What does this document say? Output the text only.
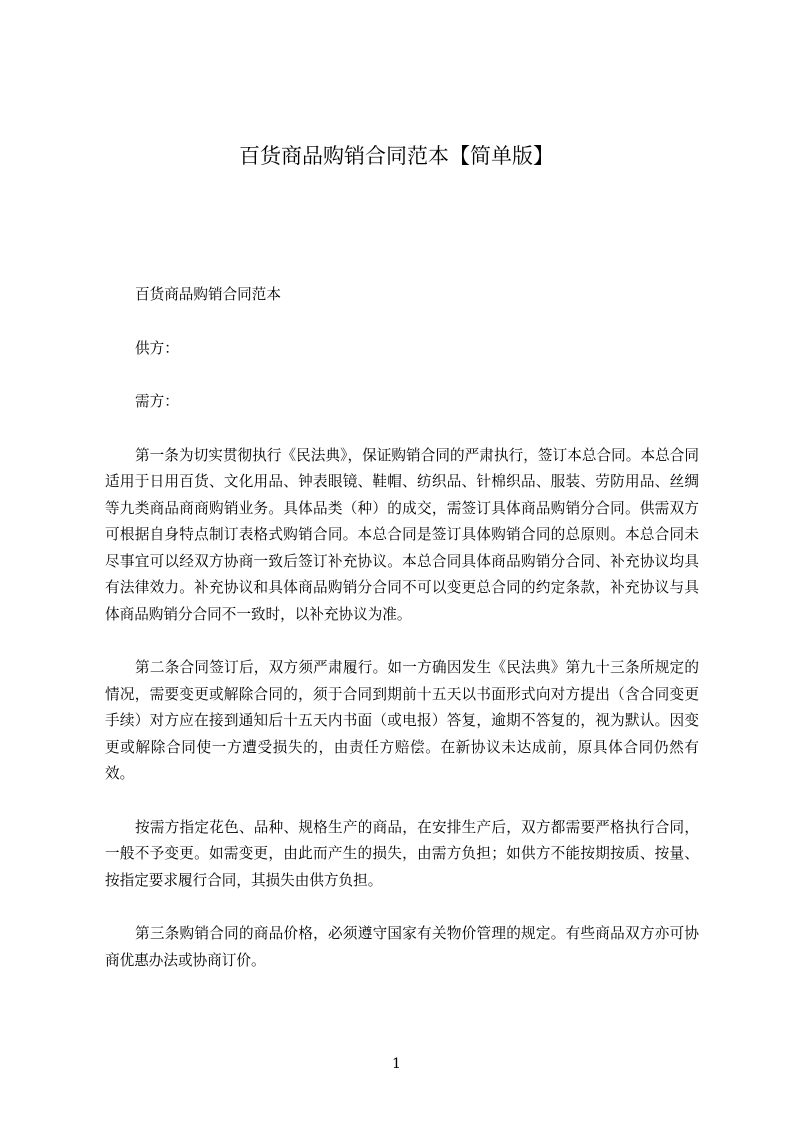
百货商品购销合同范本【简单版】

百货商品购销合同范本

供方：

需方：

第一条为切实贯彻执行《民法典》，保证购销合同的严肃执行，签订本总合同。本总合同适用于日用百货、文化用品、钟表眼镜、鞋帽、纺织品、针棉织品、服装、劳防用品、丝绸等九类商品商商购销业务。具体品类（种）的成交，需签订具体商品购销分合同。供需双方可根据自身特点制订表格式购销合同。本总合同是签订具体购销合同的总原则。本总合同未尽事宜可以经双方协商一致后签订补充协议。本总合同具体商品购销分合同、补充协议均具有法律效力。补充协议和具体商品购销分合同不可以变更总合同的约定条款，补充协议与具体商品购销分合同不一致时，以补充协议为准。

第二条合同签订后，双方须严肃履行。如一方确因发生《民法典》第九十三条所规定的情况，需要变更或解除合同的，须于合同到期前十五天以书面形式向对方提出（含合同变更手续）对方应在接到通知后十五天内书面（或电报）答复，逾期不答复的，视为默认。因变更或解除合同使一方遭受损失的，由责任方赔偿。在新协议未达成前，原具体合同仍然有效。

按需方指定花色、品种、规格生产的商品，在安排生产后，双方都需要严格执行合同，一般不予变更。如需变更，由此而产生的损失，由需方负担；如供方不能按期按质、按量、按指定要求履行合同，其损失由供方负担。

第三条购销合同的商品价格，必须遵守国家有关物价管理的规定。有些商品双方亦可协商优惠办法或协商订价。

1
